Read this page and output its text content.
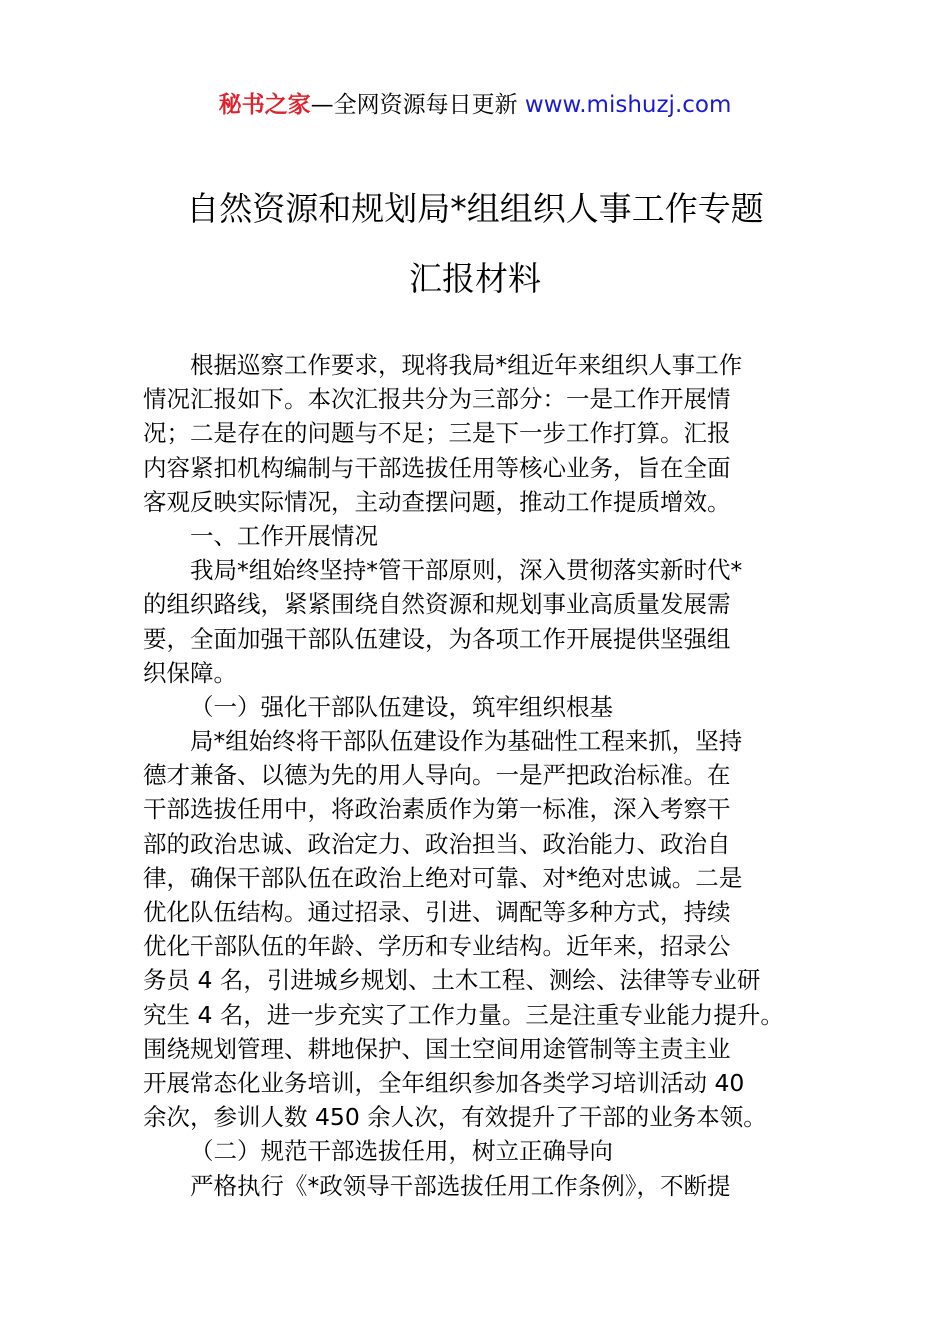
秘书之家—全网资源每日更新 www.mishuzj.com
自然资源和规划局*组组织人事工作专题
汇报材料
根据巡察工作要求，现将我局*组近年来组织人事工作
情况汇报如下。本次汇报共分为三部分：一是工作开展情
况；二是存在的问题与不足；三是下一步工作打算。汇报
内容紧扣机构编制与干部选拔任用等核心业务，旨在全面
客观反映实际情况，主动查摆问题，推动工作提质增效。
一、工作开展情况
我局*组始终坚持*管干部原则，深入贯彻落实新时代*
的组织路线，紧紧围绕自然资源和规划事业高质量发展需
要，全面加强干部队伍建设，为各项工作开展提供坚强组
织保障。
（一）强化干部队伍建设，筑牢组织根基
局*组始终将干部队伍建设作为基础性工程来抓，坚持
德才兼备、以德为先的用人导向。一是严把政治标准。在
干部选拔任用中，将政治素质作为第一标准，深入考察干
部的政治忠诚、政治定力、政治担当、政治能力、政治自
律，确保干部队伍在政治上绝对可靠、对*绝对忠诚。二是
优化队伍结构。通过招录、引进、调配等多种方式，持续
优化干部队伍的年龄、学历和专业结构。近年来，招录公
务员 4 名，引进城乡规划、土木工程、测绘、法律等专业研
究生 4 名，进一步充实了工作力量。三是注重专业能力提升。
围绕规划管理、耕地保护、国土空间用途管制等主责主业
开展常态化业务培训，全年组织参加各类学习培训活动 40
余次，参训人数 450 余人次，有效提升了干部的业务本领。
（二）规范干部选拔任用，树立正确导向
严格执行《*政领导干部选拔任用工作条例》，不断提
